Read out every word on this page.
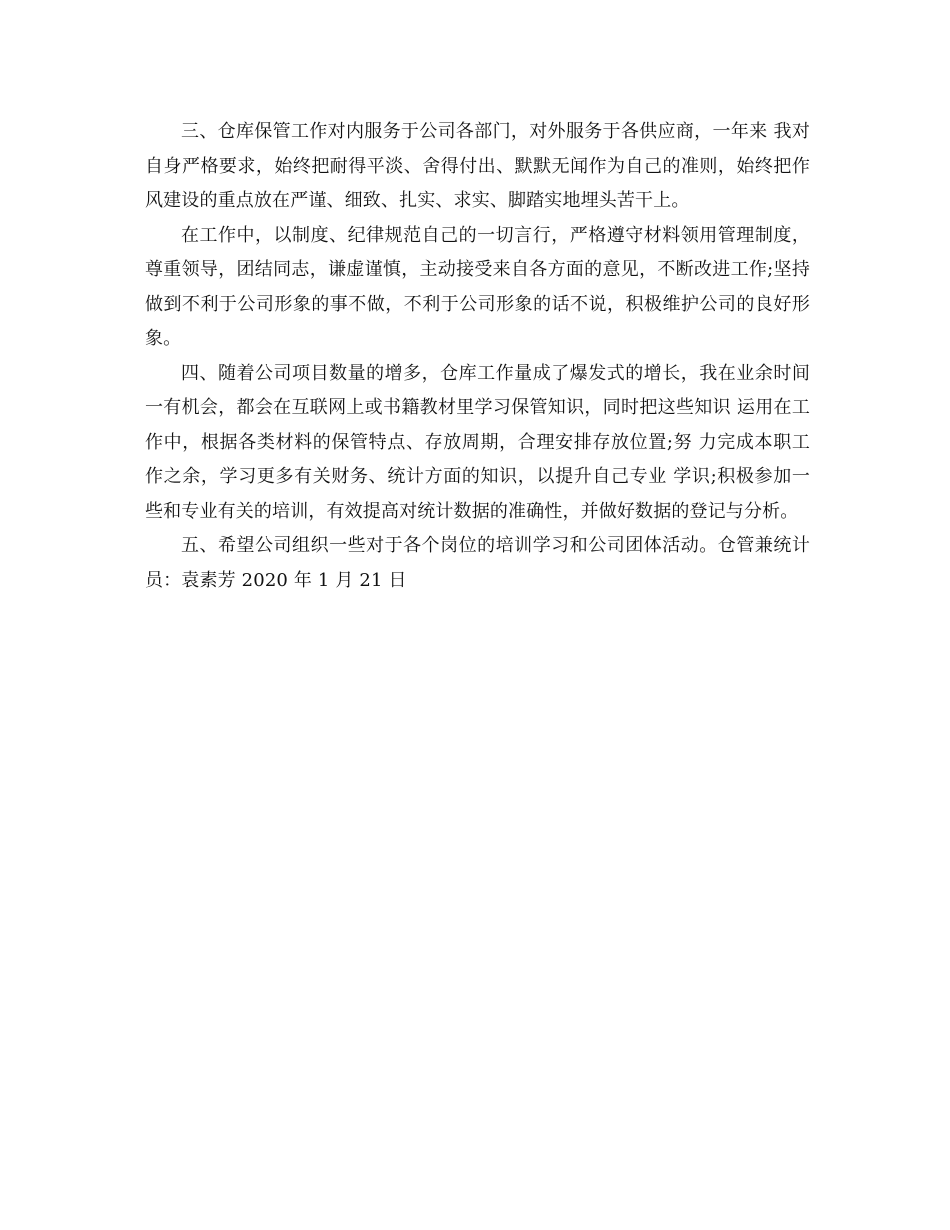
三、仓库保管工作对内服务于公司各部门，对外服务于各供应商，一年来 我对自身严格要求，始终把耐得平淡、舍得付出、默默无闻作为自己的准则，始终把作风建设的重点放在严谨、细致、扎实、求实、脚踏实地埋头苦干上。

在工作中，以制度、纪律规范自己的一切言行，严格遵守材料领用管理制度，尊重领导，团结同志，谦虚谨慎，主动接受来自各方面的意见，不断改进工作;坚持做到不利于公司形象的事不做，不利于公司形象的话不说，积极维护公司的良好形象。

四、随着公司项目数量的增多，仓库工作量成了爆发式的增长，我在业余时间一有机会，都会在互联网上或书籍教材里学习保管知识，同时把这些知识 运用在工作中，根据各类材料的保管特点、存放周期，合理安排存放位置;努 力完成本职工作之余，学习更多有关财务、统计方面的知识，以提升自己专业 学识;积极参加一些和专业有关的培训，有效提高对统计数据的准确性，并做好数据的登记与分析。

五、希望公司组织一些对于各个岗位的培训学习和公司团体活动。仓管兼统计员：袁素芳 2020 年 1 月 21 日
